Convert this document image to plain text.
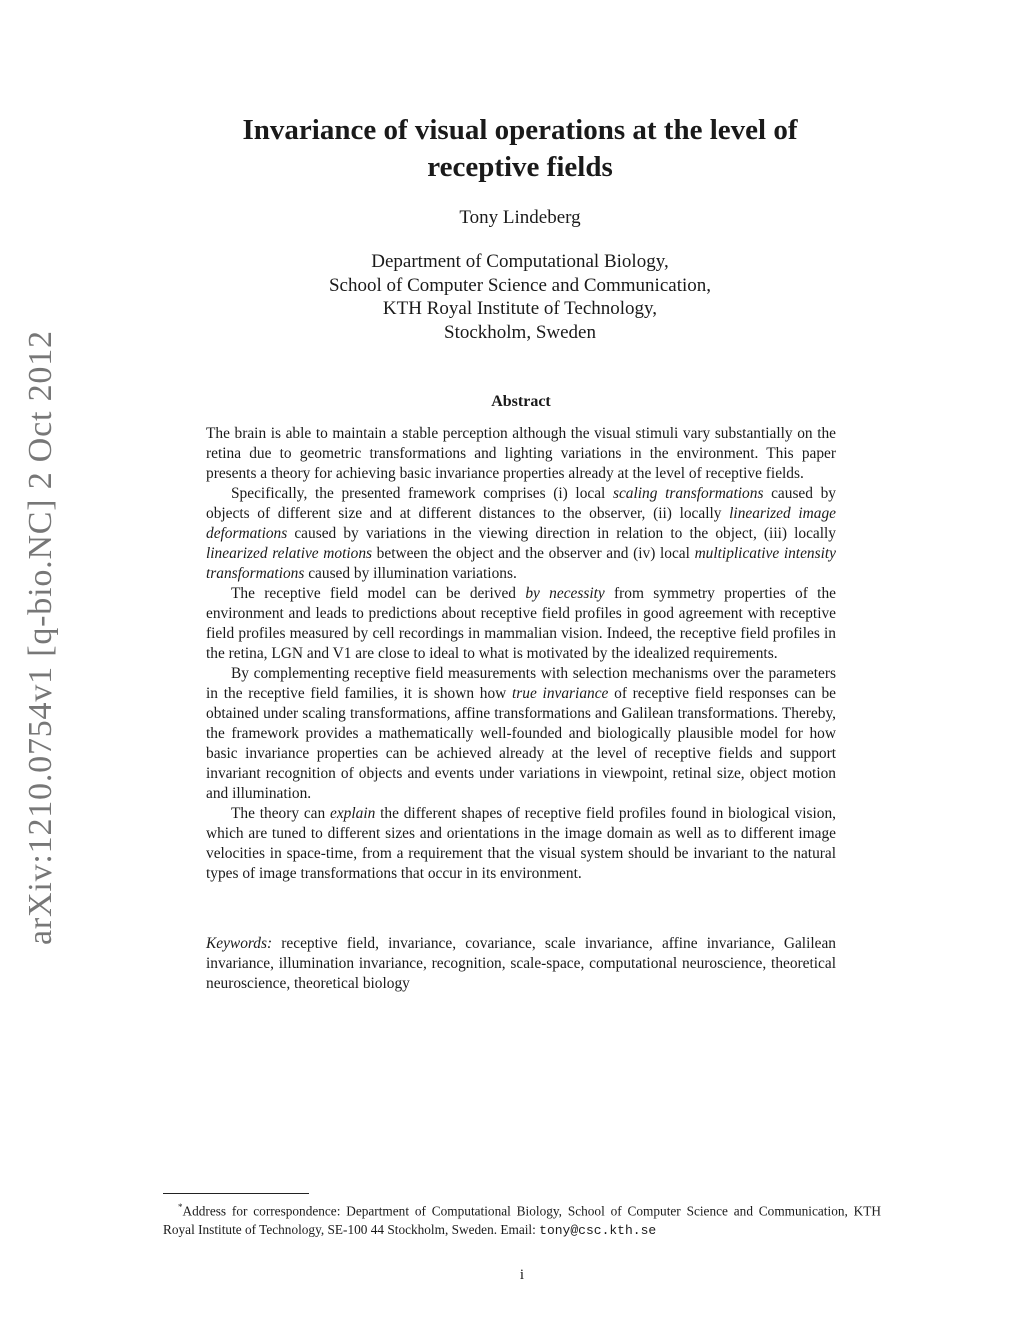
arXiv:1210.0754v1 [q-bio.NC] 2 Oct 2012
Invariance of visual operations at the level of
receptive fields
Tony Lindeberg
Department of Computational Biology,
School of Computer Science and Communication,
KTH Royal Institute of Technology,
Stockholm, Sweden
Abstract

The brain is able to maintain a stable perception although the visual stimuli vary substantially on the retina due to geometric transformations and lighting variations in the environment. This paper presents a theory for achieving basic invariance properties already at the level of receptive fields.

Specifically, the presented framework comprises (i) local scaling transformations caused by objects of different size and at different distances to the observer, (ii) locally linearized image deformations caused by variations in the viewing direction in relation to the object, (iii) locally linearized relative motions between the object and the observer and (iv) local multiplicative intensity transformations caused by illumination variations.

The receptive field model can be derived by necessity from symmetry properties of the environment and leads to predictions about receptive field profiles in good agreement with receptive field profiles measured by cell recordings in mammalian vision. Indeed, the receptive field profiles in the retina, LGN and V1 are close to ideal to what is motivated by the idealized requirements.

By complementing receptive field measurements with selection mechanisms over the parameters in the receptive field families, it is shown how true invariance of receptive field responses can be obtained under scaling transformations, affine transformations and Galilean transformations. Thereby, the framework provides a mathematically well-founded and biologically plausible model for how basic invariance properties can be achieved already at the level of receptive fields and support invariant recognition of objects and events under variations in viewpoint, retinal size, object motion and illumination.

The theory can explain the different shapes of receptive field profiles found in biological vision, which are tuned to different sizes and orientations in the image domain as well as to different image velocities in space-time, from a requirement that the visual system should be invariant to the natural types of image transformations that occur in its environment.

Keywords: receptive field, invariance, covariance, scale invariance, affine invariance, Galilean invariance, illumination invariance, recognition, scale-space, computational neuroscience, theoretical neuroscience, theoretical biology
*Address for correspondence: Department of Computational Biology, School of Computer Science and Communication, KTH Royal Institute of Technology, SE-100 44 Stockholm, Sweden. Email: tony@csc.kth.se
i
